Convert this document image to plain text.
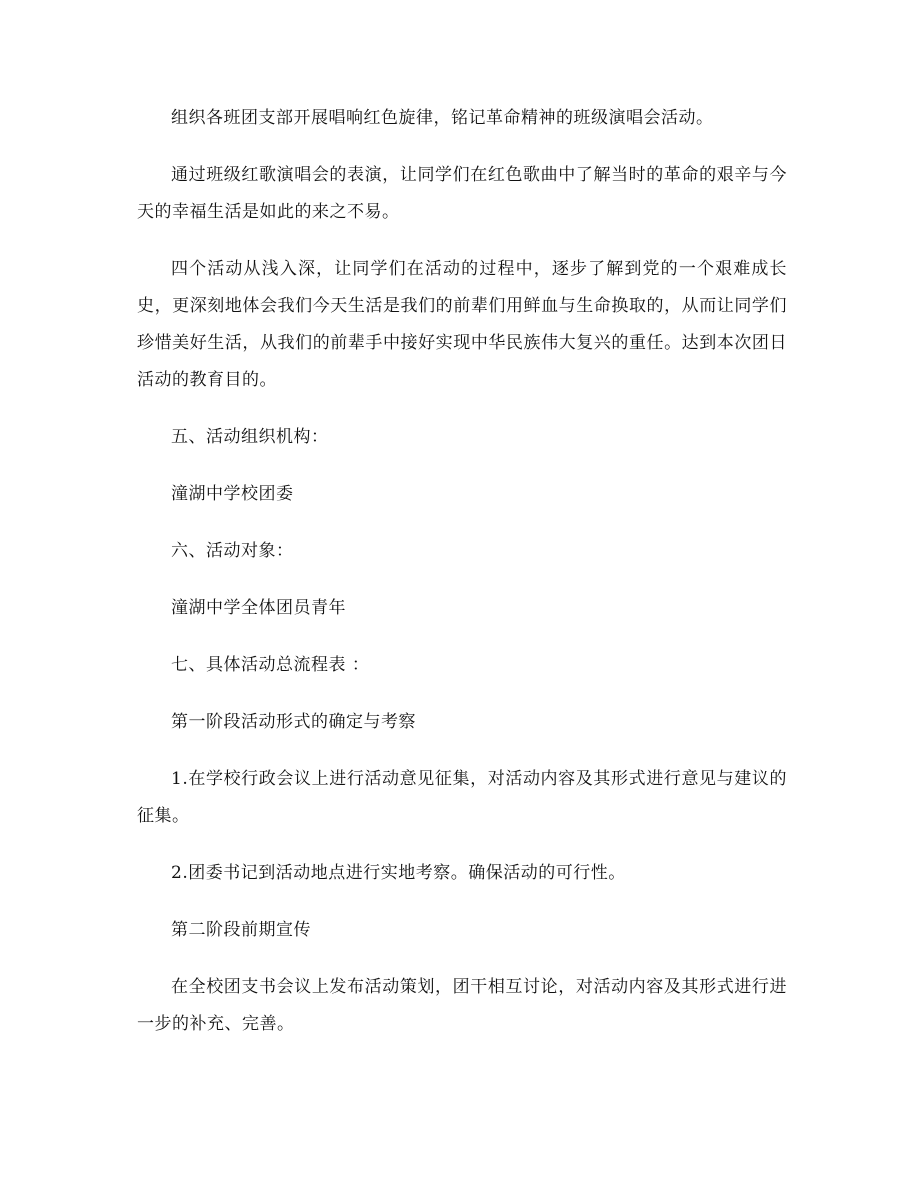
组织各班团支部开展唱响红色旋律，铭记革命精神的班级演唱会活动。

通过班级红歌演唱会的表演，让同学们在红色歌曲中了解当时的革命的艰辛与今天的幸福生活是如此的来之不易。

四个活动从浅入深，让同学们在活动的过程中，逐步了解到党的一个艰难成长史，更深刻地体会我们今天生活是我们的前辈们用鲜血与生命换取的，从而让同学们珍惜美好生活，从我们的前辈手中接好实现中华民族伟大复兴的重任。达到本次团日活动的教育目的。

五、活动组织机构：

潼湖中学校团委

六、活动对象：

潼湖中学全体团员青年

七、具体活动总流程表 ：

第一阶段活动形式的确定与考察

1.在学校行政会议上进行活动意见征集，对活动内容及其形式进行意见与建议的征集。

2.团委书记到活动地点进行实地考察。确保活动的可行性。

第二阶段前期宣传

在全校团支书会议上发布活动策划，团干相互讨论，对活动内容及其形式进行进一步的补充、完善。
